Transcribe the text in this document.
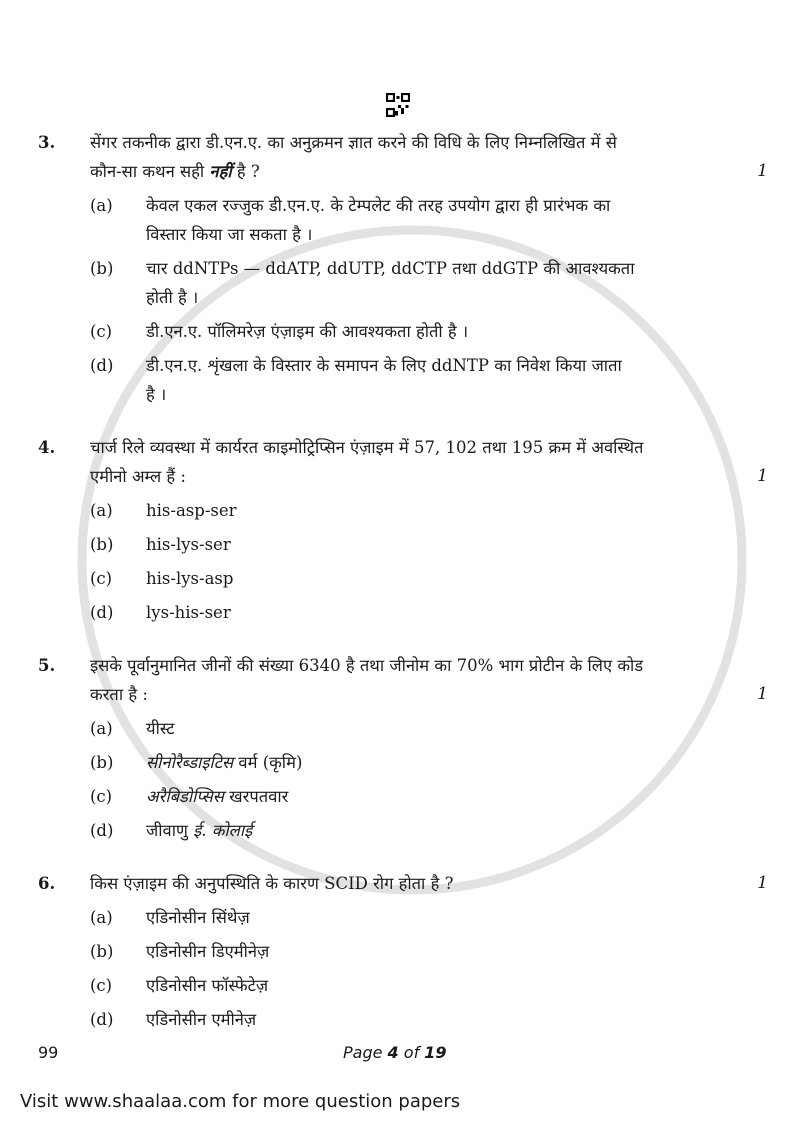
3.	सेंगर तकनीक द्वारा डी.एन.ए. का अनुक्रमन ज्ञात करने की विधि के लिए निम्नलिखित में से
कौन-सा कथन सही नहीं है ?	1
(a)	केवल एकल रज्जुक डी.एन.ए. के टेम्पलेट की तरह उपयोग द्वारा ही प्रारंभक का
विस्तार किया जा सकता है ।
(b)	चार ddNTPs — ddATP, ddUTP, ddCTP तथा ddGTP की आवश्यकता
होती है ।
(c)	डी.एन.ए. पॉलिमरेज़ एंज़ाइम की आवश्यकता होती है ।
(d)	डी.एन.ए. शृंखला के विस्तार के समापन के लिए ddNTP का निवेश किया जाता
है ।
4.	चार्ज रिले व्यवस्था में कार्यरत काइमोट्रिप्सिन एंज़ाइम में 57, 102 तथा 195 क्रम में अवस्थित
एमीनो अम्ल हैं :	1
(a)	his-asp-ser
(b)	his-lys-ser
(c)	his-lys-asp
(d)	lys-his-ser
5.	इसके पूर्वानुमानित जीनों की संख्या 6340 है तथा जीनोम का 70% भाग प्रोटीन के लिए कोड
करता है :	1
(a)	यीस्ट
(b)	सीनोरैब्डाइटिस वर्म (कृमि)
(c)	अरैबिडोप्सिस खरपतवार
(d)	जीवाणु ई. कोलाई
6.	किस एंज़ाइम की अनुपस्थिति के कारण SCID रोग होता है ?	1
(a)	एडिनोसीन सिंथेज़
(b)	एडिनोसीन डिएमीनेज़
(c)	एडिनोसीन फॉस्फेटेज़
(d)	एडिनोसीन एमीनेज़
99	Page 4 of 19
Visit www.shaalaa.com for more question papers
